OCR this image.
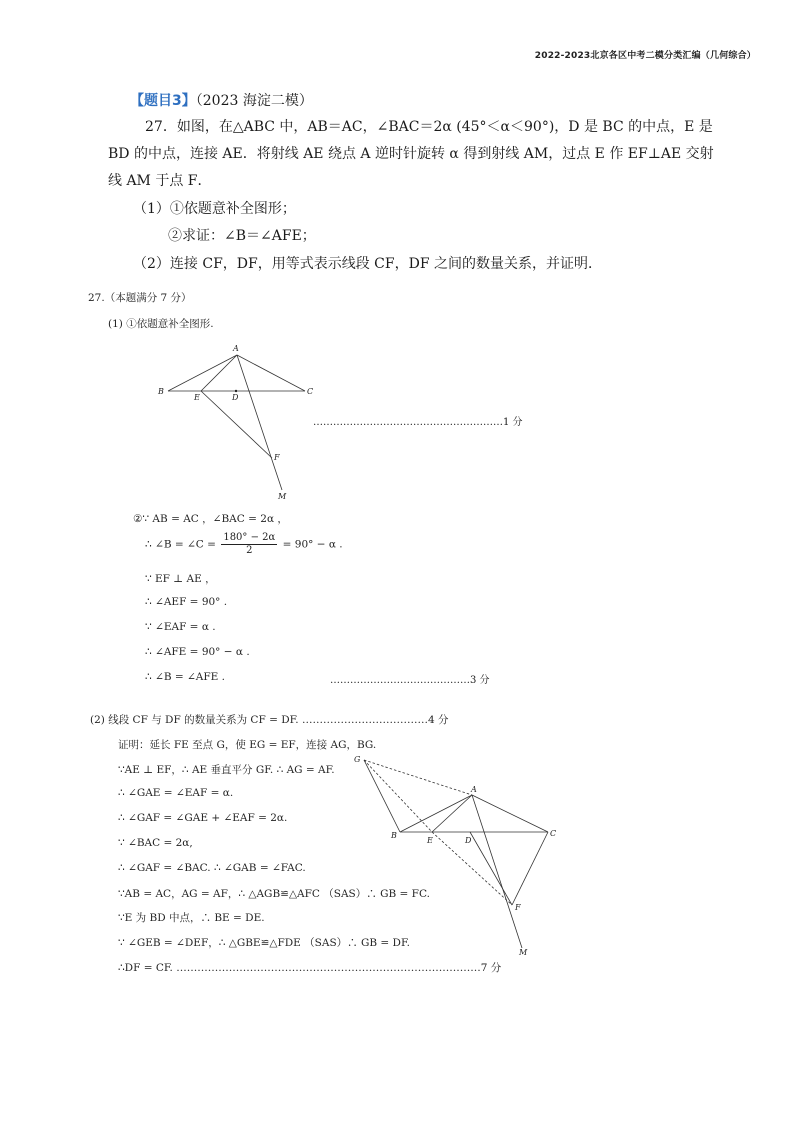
2022-2023北京各区中考二模分类汇编（几何综合）
【题目3】（2023 海淀二模）
27．如图，在△ABC 中，AB＝AC，∠BAC＝2α (45°＜α＜90°)，D 是 BC 的中点，E 是
BD 的中点，连接 AE．将射线 AE 绕点 A 逆时针旋转 α 得到射线 AM，过点 E 作 EF⊥AE 交射
线 AM 于点 F．
（1）①依题意补全图形；
②求证：∠B＝∠AFE；
（2）连接 CF，DF，用等式表示线段 CF，DF 之间的数量关系，并证明．
27.（本题满分 7 分）
(1) ①依题意补全图形.
A
B	C
E	D
F
M
…………………………………………………1 分
②∵ AB = AC ，∠BAC = 2α ，
∴ ∠B = ∠C = $\frac{180^\circ - 2\alpha}{2} = 90^\circ - \alpha$ .
∵ EF ⊥ AE ，
∴ ∠AEF = 90° .
∵ ∠EAF = α .
∴ ∠AFE = 90° − α .
∴ ∠B = ∠AFE .	……………………………………3 分
(2) 线段 CF 与 DF 的数量关系为 CF = DF. ………………………………4 分
证明：延长 FE 至点 G，使 EG = EF，连接 AG，BG.
∵AE ⊥ EF，∴ AE 垂直平分 GF. ∴ AG = AF.
∴ ∠GAE = ∠EAF = α.
∴ ∠GAF = ∠GAE + ∠EAF = 2α.
∵ ∠BAC = 2α,
∴ ∠GAF = ∠BAC. ∴ ∠GAB = ∠FAC.
∵AB = AC，AG = AF，∴ △AGB≌△AFC （SAS）∴ GB = FC.
∵E 为 BD 中点，∴ BE = DE.
∵ ∠GEB = ∠DEF，∴ △GBE≌△FDE （SAS）∴ GB = DF.
∴DF = CF. ……………………………………………………………………………7 分
G
A
B	C
E	D
F
M
